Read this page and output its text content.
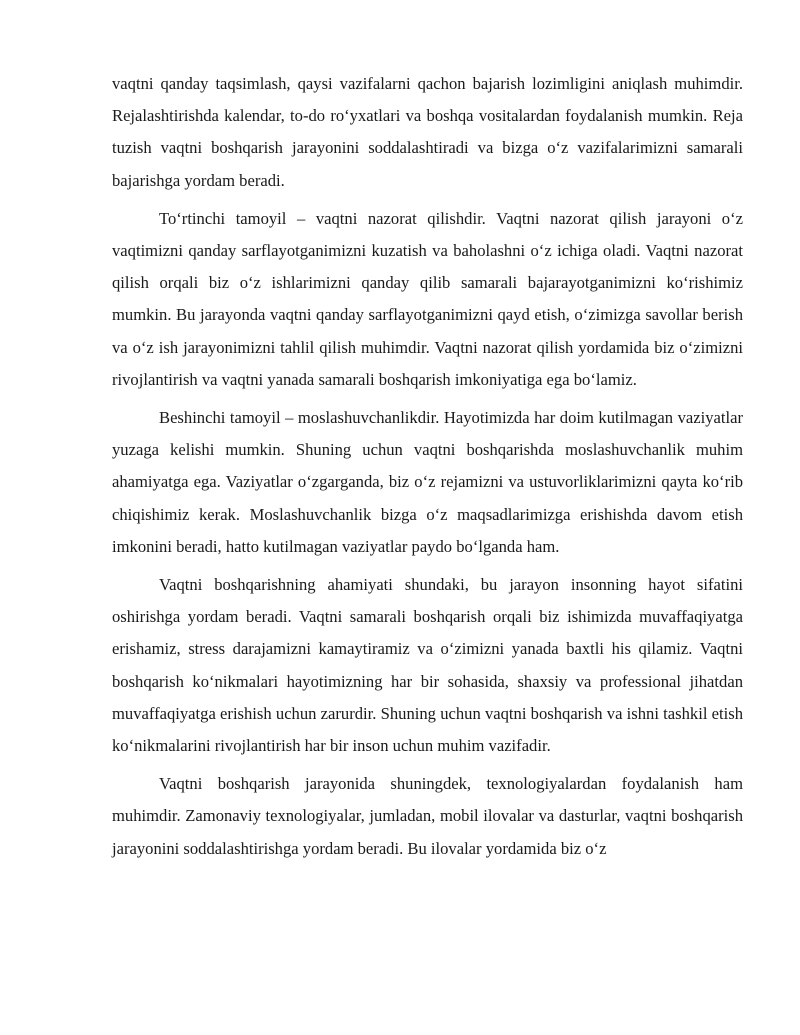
vaqtni qanday taqsimlash, qaysi vazifalarni qachon bajarish lozimligini aniqlash muhimdir. Rejalashtirishda kalendar, to-do ro‘yxatlari va boshqa vositalardan foydalanish mumkin. Reja tuzish vaqtni boshqarish jarayonini soddalashtiradi va bizga o‘z vazifalarimizni samarali bajarishga yordam beradi.

To‘rtinchi tamoyil – vaqtni nazorat qilishdir. Vaqtni nazorat qilish jarayoni o‘z vaqtimizni qanday sarflayotganimizni kuzatish va baholashni o‘z ichiga oladi. Vaqtni nazorat qilish orqali biz o‘z ishlarimizni qanday qilib samarali bajarayotganimizni ko‘rishimiz mumkin. Bu jarayonda vaqtni qanday sarflayotganimizni qayd etish, o‘zimizga savollar berish va o‘z ish jarayonimizni tahlil qilish muhimdir. Vaqtni nazorat qilish yordamida biz o‘zimizni rivojlantirish va vaqtni yanada samarali boshqarish imkoniyatiga ega bo‘lamiz.

Beshinchi tamoyil – moslashuvchanlikdir. Hayotimizda har doim kutilmagan vaziyatlar yuzaga kelishi mumkin. Shuning uchun vaqtni boshqarishda moslashuvchanlik muhim ahamiyatga ega. Vaziyatlar o‘zgarganda, biz o‘z rejamizni va ustuvorliklarimizni qayta ko‘rib chiqishimiz kerak. Moslashuvchanlik bizga o‘z maqsadlarimizga erishishda davom etish imkonini beradi, hatto kutilmagan vaziyatlar paydo bo‘lganda ham.

Vaqtni boshqarishning ahamiyati shundaki, bu jarayon insonning hayot sifatini oshirishga yordam beradi. Vaqtni samarali boshqarish orqali biz ishimizda muvaffaqiyatga erishamiz, stress darajamizni kamaytiramiz va o‘zimizni yanada baxtli his qilamiz. Vaqtni boshqarish ko‘nikmalari hayotimizning har bir sohasida, shaxsiy va professional jihatdan muvaffaqiyatga erishish uchun zarurdir. Shuning uchun vaqtni boshqarish va ishni tashkil etish ko‘nikmalarini rivojlantirish har bir inson uchun muhim vazifadir.

Vaqtni boshqarish jarayonida shuningdek, texnologiyalardan foydalanish ham muhimdir. Zamonaviy texnologiyalar, jumladan, mobil ilovalar va dasturlar, vaqtni boshqarish jarayonini soddalashtirishga yordam beradi. Bu ilovalar yordamida biz o‘z
